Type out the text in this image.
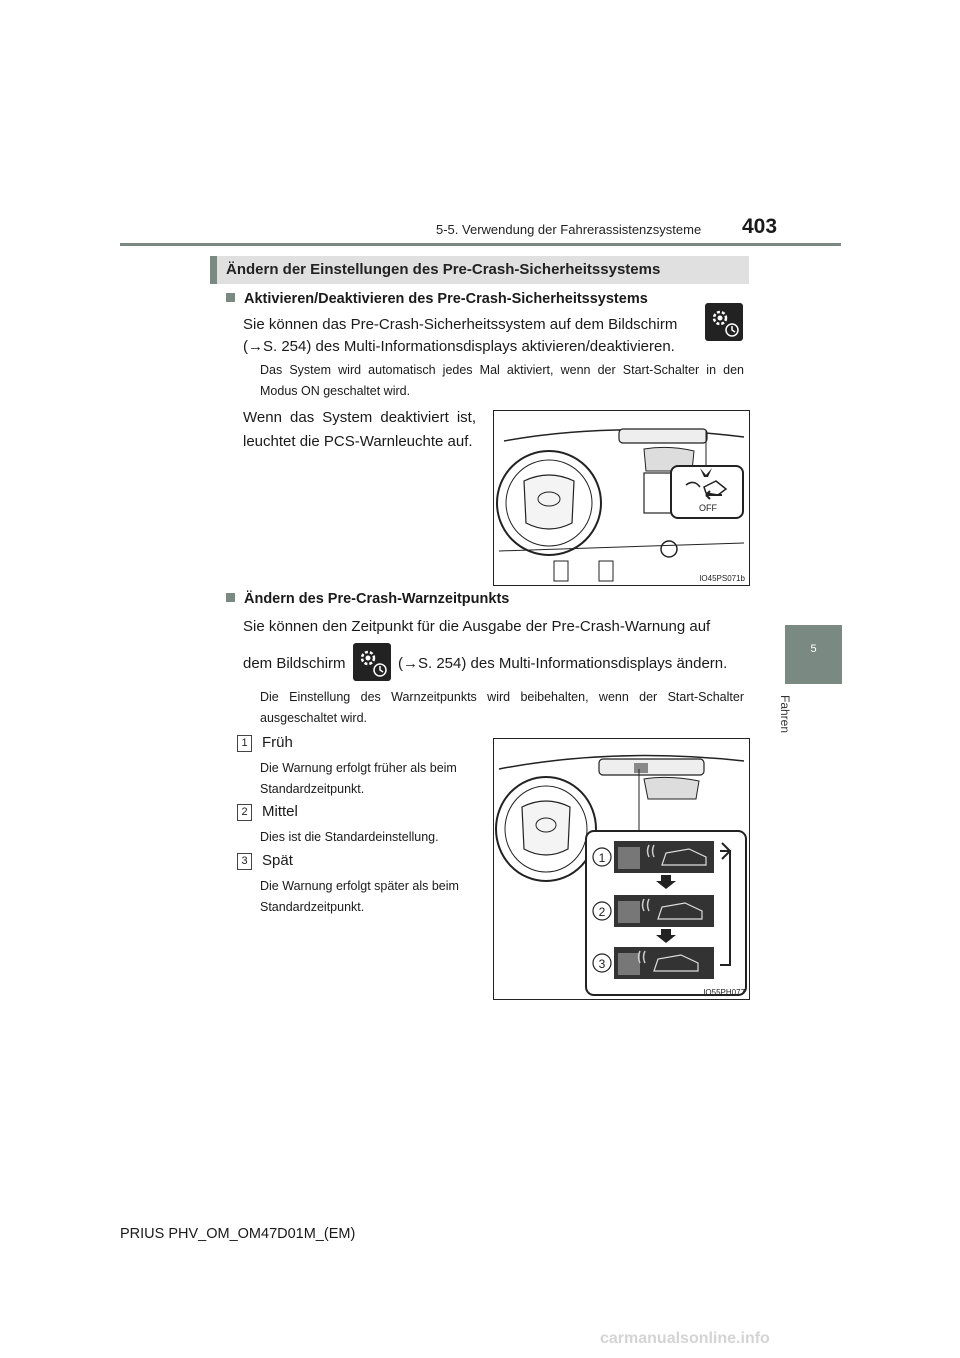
5-5. Verwendung der Fahrerassistenzsysteme 403
5
Fahren
Ändern der Einstellungen des Pre-Crash-Sicherheitssystems
Aktivieren/Deaktivieren des Pre-Crash-Sicherheitssystems
Sie können das Pre-Crash-Sicherheitssystem auf dem Bildschirm
(→S. 254) des Multi-Informationsdisplays aktivieren/deaktivieren.
Das System wird automatisch jedes Mal aktiviert, wenn der Start-Schalter in den Modus ON geschaltet wird.
Wenn das System deaktiviert ist, leuchtet die PCS-Warnleuchte auf.
OFF
IO45PS071b
Ändern des Pre-Crash-Warnzeitpunkts
Sie können den Zeitpunkt für die Ausgabe der Pre-Crash-Warnung auf
dem Bildschirm	(→S. 254) des Multi-Informationsdisplays ändern.
Die Einstellung des Warnzeitpunkts wird beibehalten, wenn der Start-Schalter ausgeschaltet wird.
1 Früh
Die Warnung erfolgt früher als beim Standardzeitpunkt.
2 Mittel
Dies ist die Standardeinstellung.
3 Spät
Die Warnung erfolgt später als beim Standardzeitpunkt.
1
2
3
IO55PH077
PRIUS PHV_OM_OM47D01M_(EM)
carmanualsonline.info
